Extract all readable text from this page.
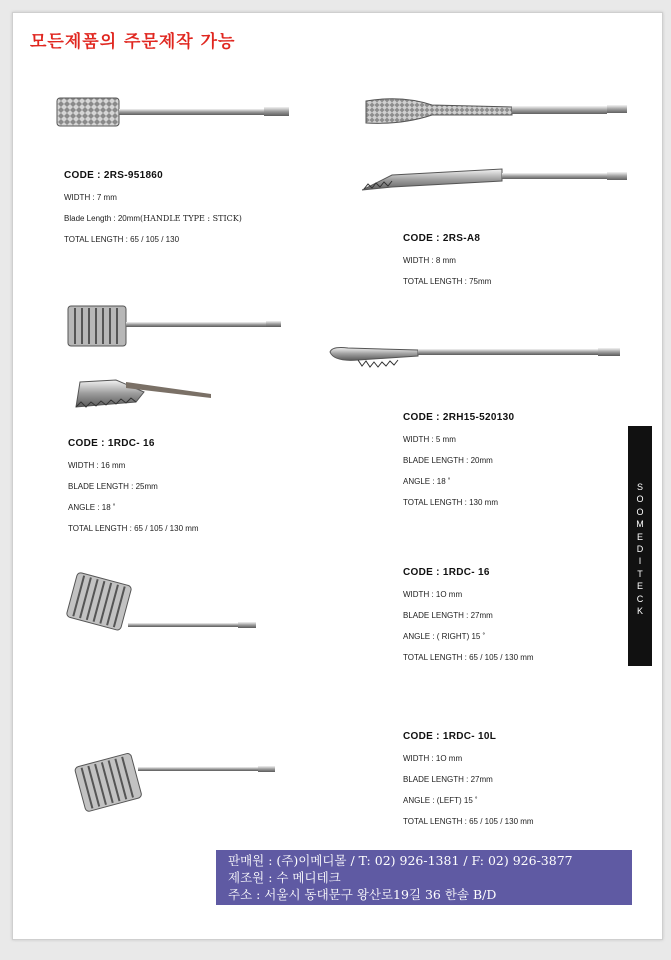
모든제품의 주문제작 가능
CODE : 2RS-951860
WIDTH : 7 mm
Blade Length : 20mm(HANDLE TYPE : STICK)
TOTAL LENGTH : 65 / 105 / 130	CODE : 2RS-A8
WIDTH : 8 mm
TOTAL LENGTH : 75mm
CODE : 1RDC- 16
WIDTH : 16 mm
BLADE LENGTH : 25mm
ANGLE : 18 ˚
TOTAL LENGTH : 65 / 105 / 130 mm
CODE : 2RH15-520130
WIDTH : 5 mm
BLADE LENGTH : 20mm
ANGLE : 18 ˚
TOTAL LENGTH : 130 mm
CODE : 1RDC- 16
WIDTH : 1O mm
BLADE LENGTH : 27mm
ANGLE : ( RIGHT) 15 ˚
TOTAL LENGTH : 65 / 105 / 130 mm
CODE : 1RDC- 10L
WIDTH : 1O mm
BLADE LENGTH : 27mm
ANGLE : (LEFT) 15 ˚
TOTAL LENGTH : 65 / 105 / 130 mm
S
O
O
M
E
D
I
T
E
C
K
판매원 : (주)이메디몰 / T: 02) 926-1381 / F: 02) 926-3877
제조원 : 수 메디테크
주소 : 서울시 동대문구 왕산로19길 36 한솔 B/D
